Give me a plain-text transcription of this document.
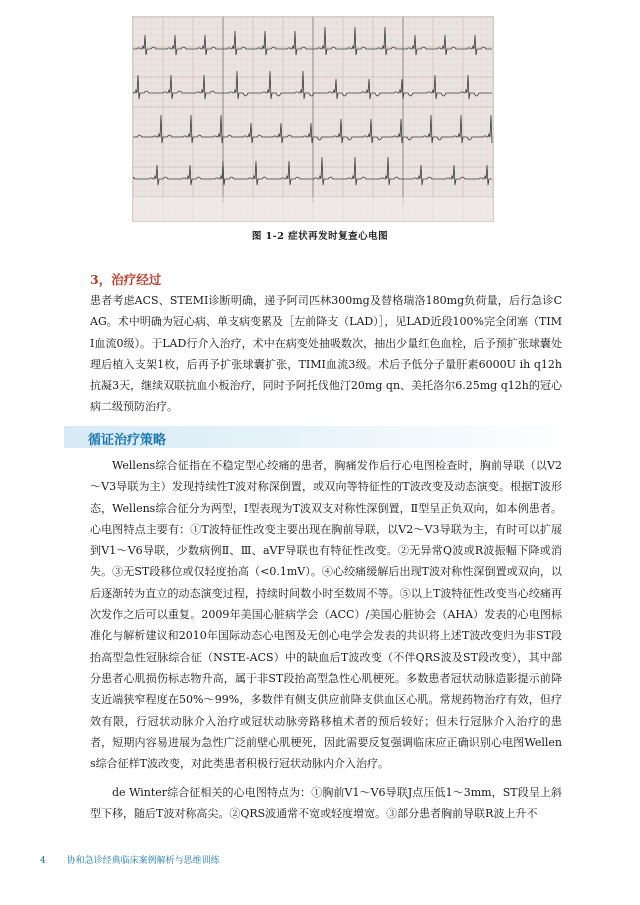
图 1-2 症状再发时复查心电图
3，治疗经过

患者考虑ACS、STEMI诊断明确，递予阿司匹林300mg及替格瑞洛180mg负荷量，后行急诊CAG。术中明确为冠心病、单支病变累及［左前降支（LAD）］，见LAD近段100%完全闭塞（TIMI血流0级）。于LAD行介入治疗，术中在病变处抽吸数次，抽出少量红色血栓，后予预扩张球囊处理后植入支架1枚，后再予扩张球囊扩张，TIMI血流3级。术后予低分子量肝素6000U ih q12h抗凝3天，继续双联抗血小板治疗，同时予阿托伐他汀20mg qn、美托洛尔6.25mg q12h的冠心病二级预防治疗。

循证治疗策略

Wellens综合征指在不稳定型心绞痛的患者，胸痛发作后行心电图检查时，胸前导联（以V2～V3导联为主）发现持续性T波对称深倒置，或双向等特征性的T波改变及动态演变。根据T波形态，Wellens综合征分为两型，Ⅰ型表现为T波双支对称性深倒置，Ⅱ型呈正负双向，如本例患者。心电图特点主要有：①T波特征性改变主要出现在胸前导联，以V2～V3导联为主，有时可以扩展到V1～V6导联，少数病例Ⅱ、Ⅲ、aVF导联也有特征性改变。②无异常Q波或R波振幅下降或消失。③无ST段移位或仅轻度抬高（<0.1mV）。④心绞痛缓解后出现T波对称性深倒置或双向，以后逐渐转为直立的动态演变过程，持续时间数小时至数周不等。⑤以上T波特征性改变当心绞痛再次发作之后可以重复。2009年美国心脏病学会（ACC）/美国心脏协会（AHA）发表的心电图标准化与解析建议和2010年国际动态心电图及无创心电学会发表的共识将上述T波改变归为非ST段抬高型急性冠脉综合征（NSTE-ACS）中的缺血后T波改变（不伴QRS波及ST段改变），其中部分患者心肌损伤标志物升高，属于非ST段抬高型急性心肌梗死。多数患者冠状动脉造影提示前降支近端狭窄程度在50%～99%，多数伴有侧支供应前降支供血区心肌。常规药物治疗有效，但疗效有限，行冠状动脉介入治疗或冠状动脉旁路移植术者的预后较好；但未行冠脉介入治疗的患者，短期内容易进展为急性广泛前壁心肌梗死，因此需要反复强调临床应正确识别心电图Wellens综合征样T波改变，对此类患者积极行冠状动脉内介入治疗。

de Winter综合征相关的心电图特点为：①胸前V1～V6导联J点压低1～3mm，ST段呈上斜型下移，随后T波对称高尖。②QRS波通常不宽或轻度增宽。③部分患者胸前导联R波上升不

4 协和急诊经典临床案例解析与思维训练
